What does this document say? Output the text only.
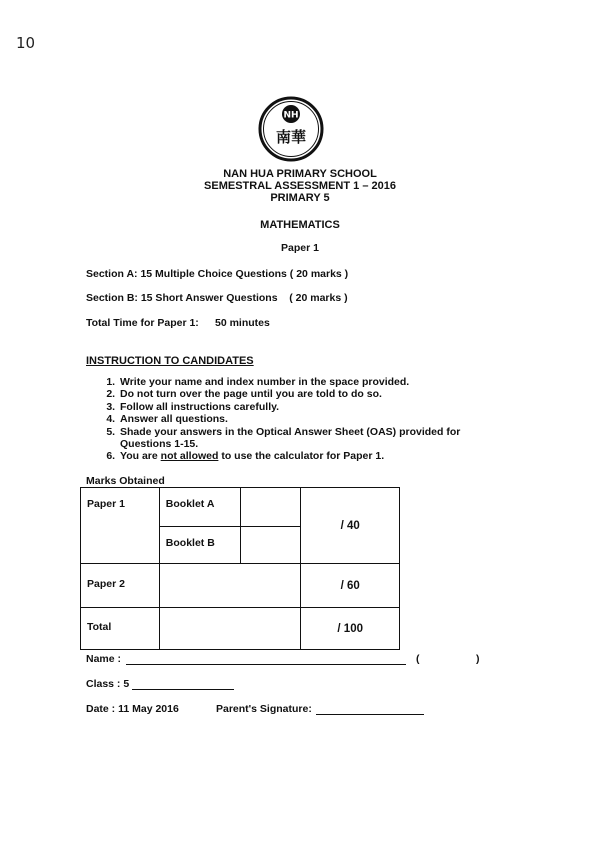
10
NH
南華
NAN HUA PRIMARY SCHOOL
SEMESTRAL ASSESSMENT 1 – 2016
PRIMARY 5
MATHEMATICS
Paper 1
Section A: 15 Multiple Choice Questions ( 20 marks )
Section B: 15 Short Answer Questions    ( 20 marks )
Total Time for Paper 1: 50 minutes
INSTRUCTION TO CANDIDATES
1. Write your name and index number in the space provided.
2. Do not turn over the page until you are told to do so.
3. Follow all instructions carefully.
4. Answer all questions.
5. Shade your answers in the Optical Answer Sheet (OAS) provided for Questions 1-15.
6. You are not allowed to use the calculator for Paper 1.
Marks Obtained
Paper 1	Booklet A		/ 40
	Booklet B		
Paper 2			/ 60
Total			/ 100
Name :	(	)
Class : 5
Date : 11 May 2016	Parent's Signature:
